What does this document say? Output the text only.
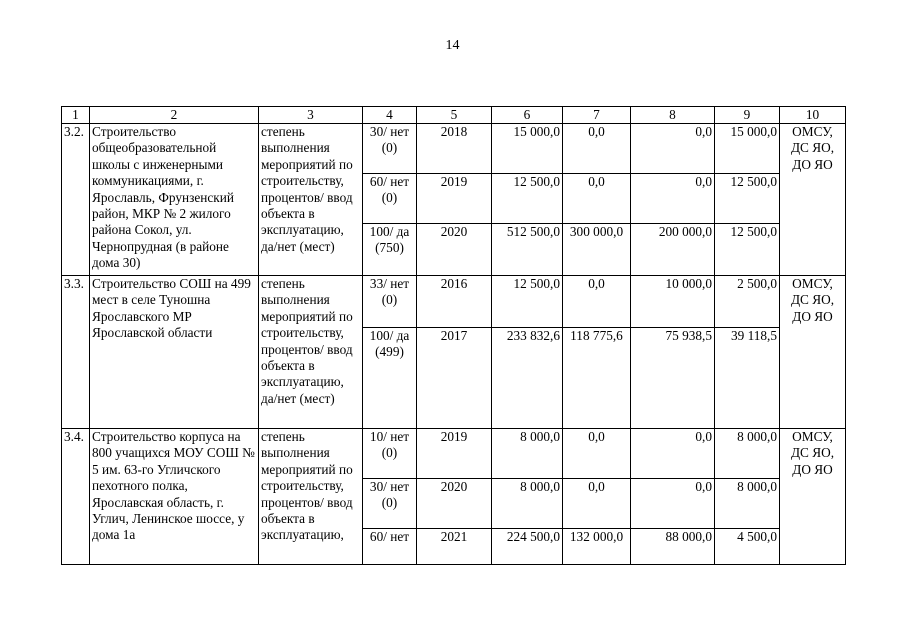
14
1	2	3	4	5	6	7	8	9	10
3.2.	Строительство общеобразовательной школы с инженерными коммуникациями, г. Ярославль, Фрунзенский район, МКР № 2 жилого района Сокол, ул. Чернопрудная (в районе дома 30)	степень выполнения мероприятий по строительству, процентов/ ввод объекта в эксплуатацию, да/нет (мест)	30/ нет (0)	2018	15 000,0	0,0	0,0	15 000,0	ОМСУ, ДС ЯО, ДО ЯО
			60/ нет (0)	2019	12 500,0	0,0	0,0	12 500,0	
			100/ да (750)	2020	512 500,0	300 000,0	200 000,0	12 500,0	
3.3.	Строительство СОШ на 499 мест в селе Туношна Ярославского МР Ярославской области	степень выполнения мероприятий по строительству, процентов/ ввод объекта в эксплуатацию, да/нет (мест)	33/ нет (0)	2016	12 500,0	0,0	10 000,0	2 500,0	ОМСУ, ДС ЯО, ДО ЯО
			100/ да (499)	2017	233 832,6	118 775,6	75 938,5	39 118,5	
3.4.	Строительство корпуса на 800 учащихся МОУ СОШ № 5 им. 63-го Угличского пехотного полка, Ярославская область, г. Углич, Ленинское шоссе, у дома 1а	степень выполнения мероприятий по строительству, процентов/ ввод объекта в эксплуатацию,	10/ нет (0)	2019	8 000,0	0,0	0,0	8 000,0	ОМСУ, ДС ЯО, ДО ЯО
			30/ нет (0)	2020	8 000,0	0,0	0,0	8 000,0	
			60/ нет	2021	224 500,0	132 000,0	88 000,0	4 500,0	
